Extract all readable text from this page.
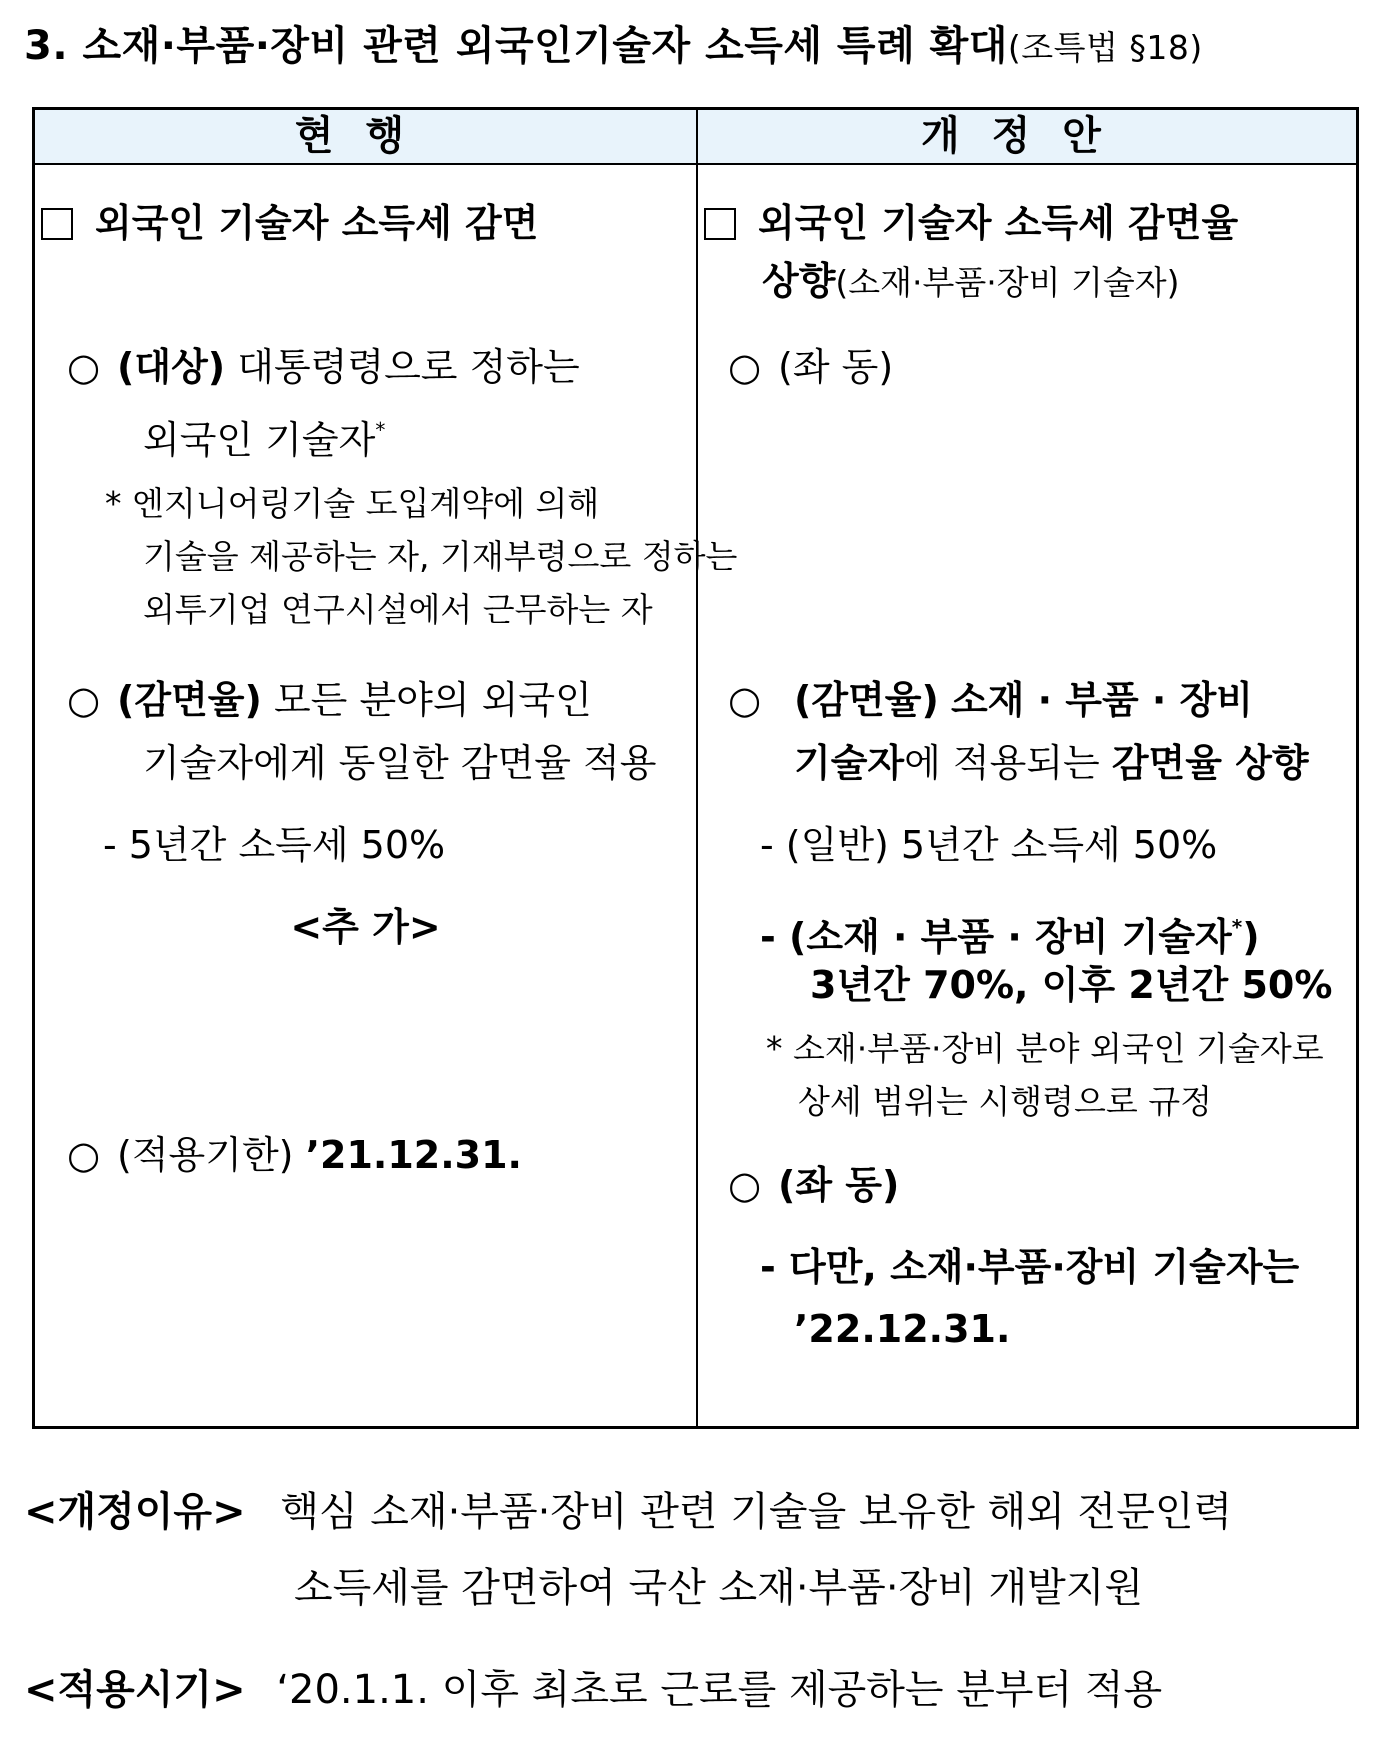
3. 소재·부품·장비 관련 외국인기술자 소득세 특례 확대(조특법 §18)
현행	개정안
외국인 기술자 소득세 감면
○ (대상) 대통령령으로 정하는
외국인 기술자*
* 엔지니어링기술 도입계약에 의해
기술을 제공하는 자, 기재부령으로 정하는
외투기업 연구시설에서 근무하는 자
○ (감면율) 모든 분야의 외국인
기술자에게 동일한 감면율 적용
- 5년간 소득세 50%
<추 가>
○ (적용기한) ’21.12.31.
외국인 기술자 소득세 감면율
상향(소재·부품·장비 기술자)
○ (좌 동)
○ (감면율) 소재 · 부품 · 장비
기술자에 적용되는 감면율 상향
- (일반) 5년간 소득세 50%
- (소재 · 부품 · 장비 기술자*)
3년간 70%, 이후 2년간 50%
* 소재·부품·장비 분야 외국인 기술자로
상세 범위는 시행령으로 규정
○ (좌 동)
- 다만, 소재·부품·장비 기술자는
’22.12.31.
<개정이유> 핵심 소재·부품·장비 관련 기술을 보유한 해외 전문인력
소득세를 감면하여 국산 소재·부품·장비 개발지원
<적용시기> ‘20.1.1. 이후 최초로 근로를 제공하는 분부터 적용
